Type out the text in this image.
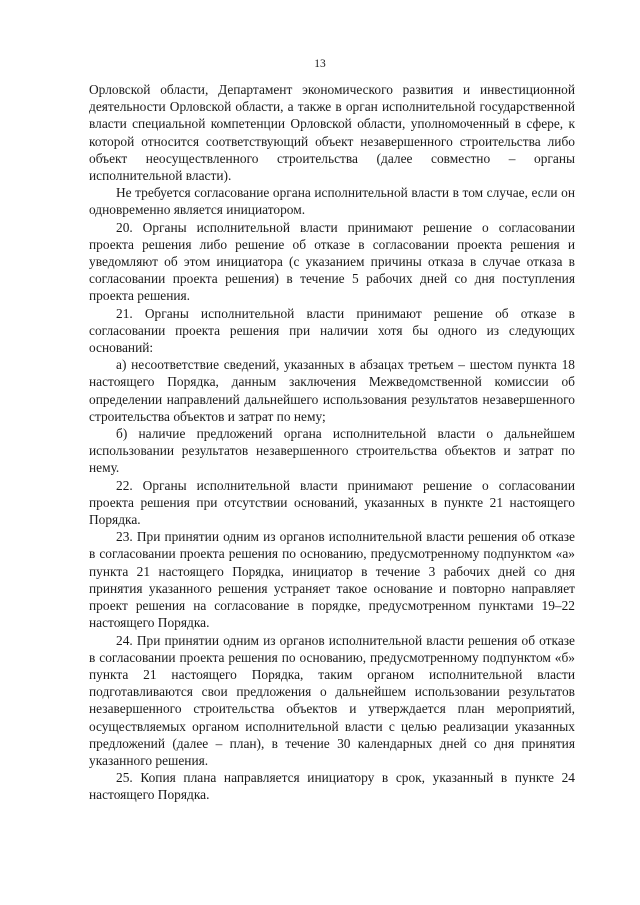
13

Орловской области, Департамент экономического развития и инвестиционной деятельности Орловской области, а также в орган исполнительной государственной власти специальной компетенции Орловской области, уполномоченный в сфере, к которой относится соответствующий объект незавершенного строительства либо объект неосуществленного строительства (далее совместно – органы исполнительной власти).

Не требуется согласование органа исполнительной власти в том случае, если он одновременно является инициатором.

20. Органы исполнительной власти принимают решение о согласовании проекта решения либо решение об отказе в согласовании проекта решения и уведомляют об этом инициатора (с указанием причины отказа в случае отказа в согласовании проекта решения) в течение 5 рабочих дней со дня поступления проекта решения.

21. Органы исполнительной власти принимают решение об отказе в согласовании проекта решения при наличии хотя бы одного из следующих оснований:

а) несоответствие сведений, указанных в абзацах третьем – шестом пункта 18 настоящего Порядка, данным заключения Межведомственной комиссии об определении направлений дальнейшего использования результатов незавершенного строительства объектов и затрат по нему;

б) наличие предложений органа исполнительной власти о дальнейшем использовании результатов незавершенного строительства объектов и затрат по нему.

22. Органы исполнительной власти принимают решение о согласовании проекта решения при отсутствии оснований, указанных в пункте 21 настоящего Порядка.

23. При принятии одним из органов исполнительной власти решения об отказе в согласовании проекта решения по основанию, предусмотренному подпунктом «а» пункта 21 настоящего Порядка, инициатор в течение 3 рабочих дней со дня принятия указанного решения устраняет такое основание и повторно направляет проект решения на согласование в порядке, предусмотренном пунктами 19–22 настоящего Порядка.

24. При принятии одним из органов исполнительной власти решения об отказе в согласовании проекта решения по основанию, предусмотренному подпунктом «б» пункта 21 настоящего Порядка, таким органом исполнительной власти подготавливаются свои предложения о дальнейшем использовании результатов незавершенного строительства объектов и утверждается план мероприятий, осуществляемых органом исполнительной власти с целью реализации указанных предложений (далее – план), в течение 30 календарных дней со дня принятия указанного решения.

25. Копия плана направляется инициатору в срок, указанный в пункте 24 настоящего Порядка.
